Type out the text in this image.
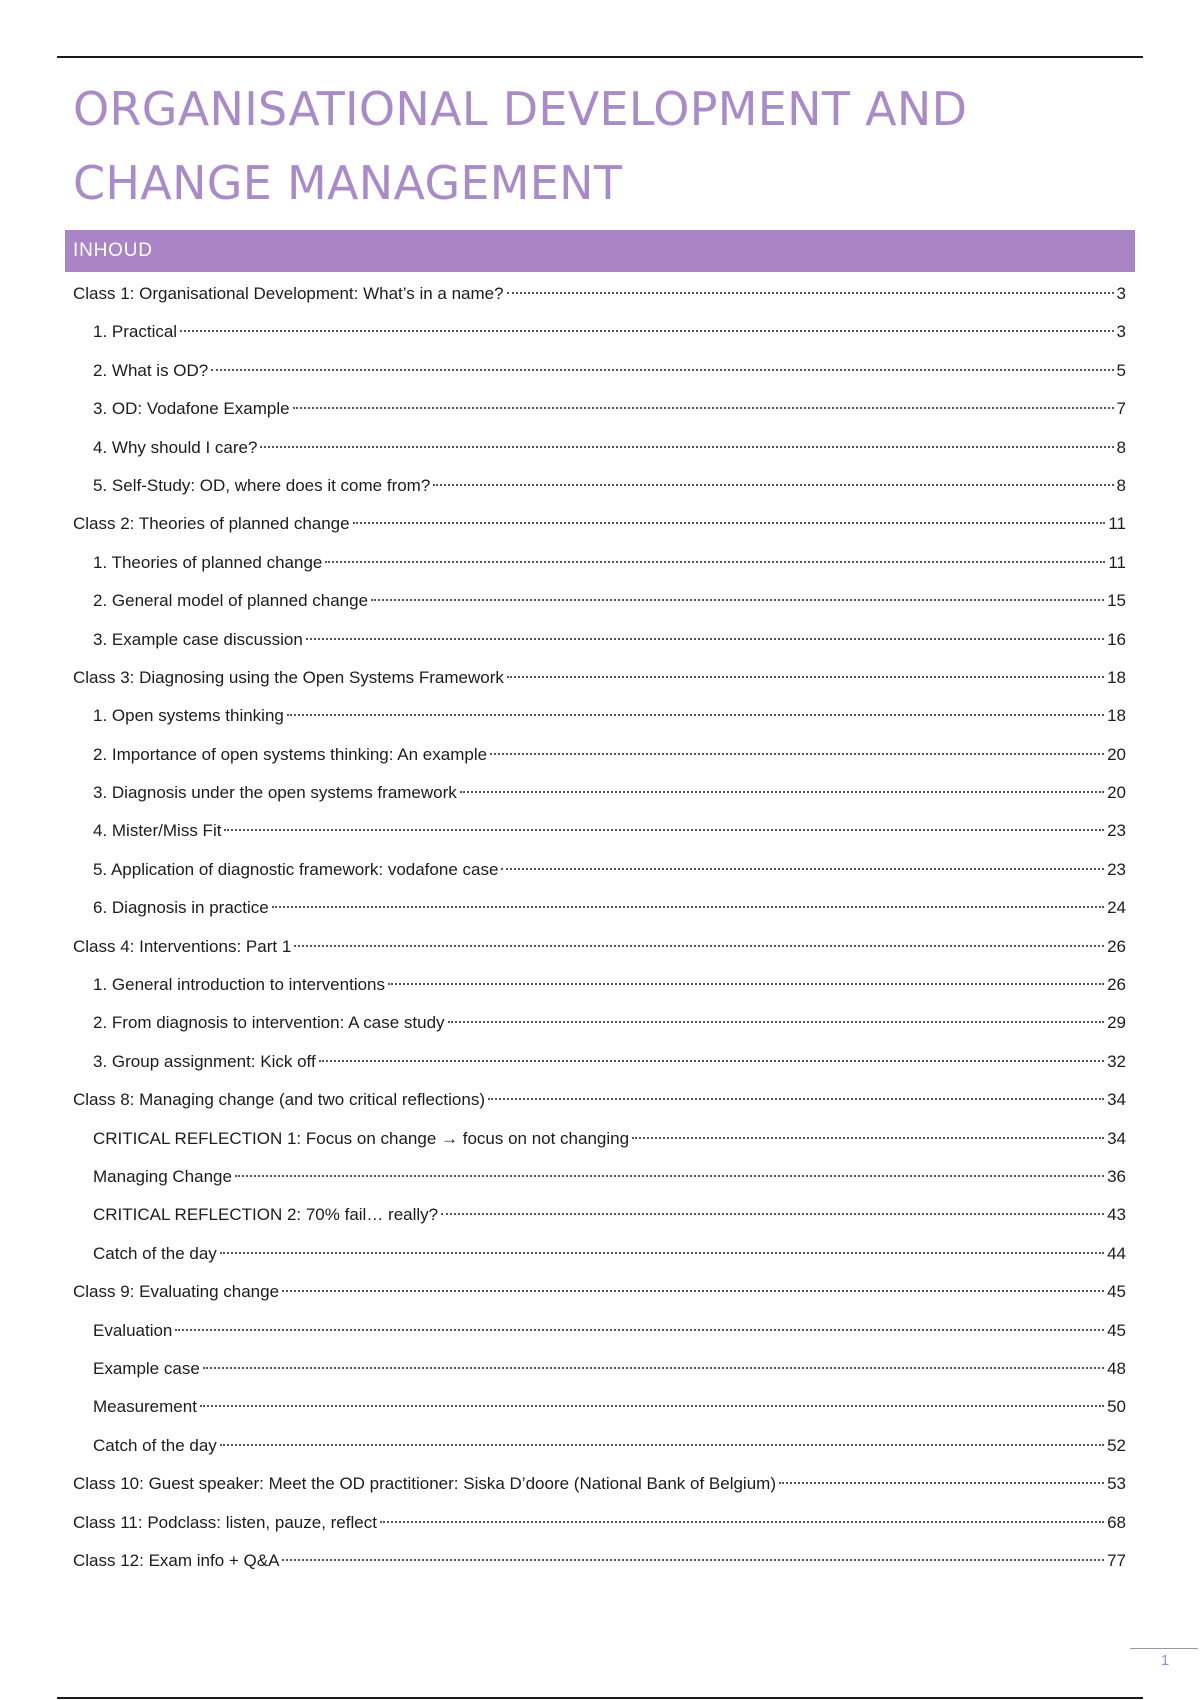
ORGANISATIONAL DEVELOPMENT AND
CHANGE MANAGEMENT
INHOUD
Class 1: Organisational Development: What’s in a name?	3
1. Practical	3
2. What is OD?	5
3. OD: Vodafone Example	7
4. Why should I care?	8
5. Self-Study: OD, where does it come from?	8
Class 2: Theories of planned change	11
1. Theories of planned change	11
2. General model of planned change	15
3. Example case discussion	16
Class 3: Diagnosing using the Open Systems Framework	18
1. Open systems thinking	18
2. Importance of open systems thinking: An example	20
3. Diagnosis under the open systems framework	20
4. Mister/Miss Fit	23
5. Application of diagnostic framework: vodafone case	23
6. Diagnosis in practice	24
Class 4: Interventions: Part 1	26
1. General introduction to interventions	26
2. From diagnosis to intervention: A case study	29
3. Group assignment: Kick off	32
Class 8: Managing change (and two critical reflections)	34
CRITICAL REFLECTION 1: Focus on change → focus on not changing	34
Managing Change	36
CRITICAL REFLECTION 2: 70% fail… really?	43
Catch of the day	44
Class 9: Evaluating change	45
Evaluation	45
Example case	48
Measurement	50
Catch of the day	52
Class 10: Guest speaker: Meet the OD practitioner: Siska D’doore (National Bank of Belgium)	53
Class 11: Podclass: listen, pauze, reflect	68
Class 12: Exam info + Q&A	77
1
